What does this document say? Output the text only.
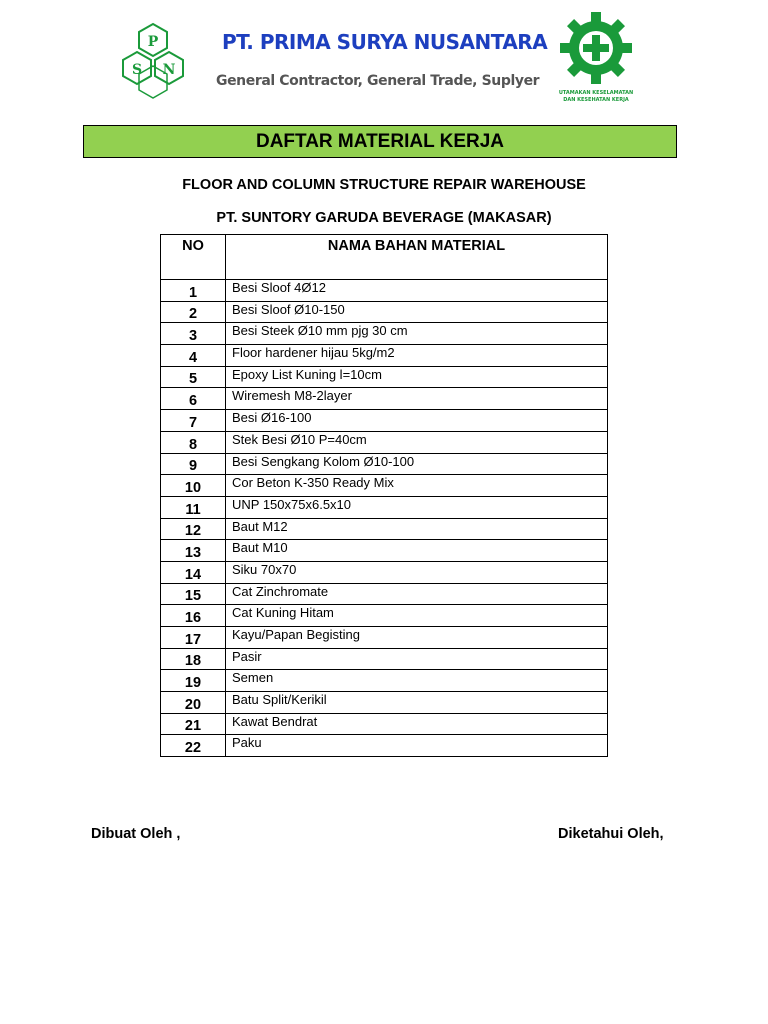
P
S N
PT. PRIMA SURYA NUSANTARA
General Contractor, General Trade, Suplyer
UTAMAKAN KESELAMATAN
DAN KESEHATAN KERJA
DAFTAR MATERIAL KERJA
FLOOR AND COLUMN STRUCTURE REPAIR WAREHOUSE
PT. SUNTORY GARUDA BEVERAGE (MAKASAR)
NO	NAMA BAHAN MATERIAL
1	Besi Sloof 4Ø12
2	Besi Sloof Ø10-150
3	Besi Steek Ø10 mm pjg 30 cm
4	Floor hardener hijau 5kg/m2
5	Epoxy List Kuning l=10cm
6	Wiremesh M8-2layer
7	Besi Ø16-100
8	Stek Besi Ø10 P=40cm
9	Besi Sengkang Kolom Ø10-100
10	Cor Beton K-350 Ready Mix
11	UNP 150x75x6.5x10
12	Baut M12
13	Baut M10
14	Siku 70x70
15	Cat Zinchromate
16	Cat Kuning Hitam
17	Kayu/Papan Begisting
18	Pasir
19	Semen
20	Batu Split/Kerikil
21	Kawat Bendrat
22	Paku
Dibuat Oleh ,	Diketahui Oleh,
